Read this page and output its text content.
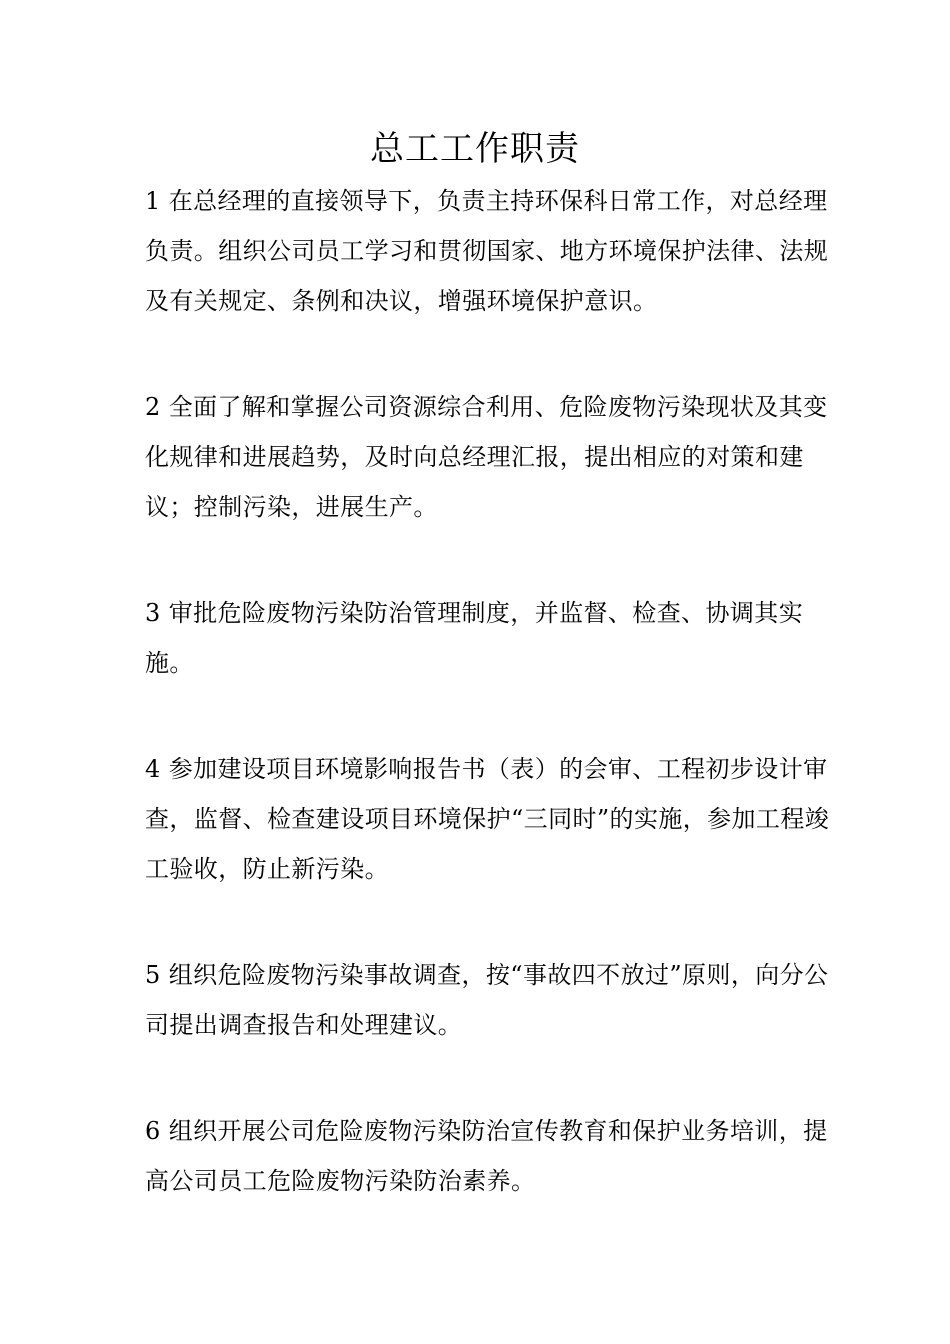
总工工作职责

1 在总经理的直接领导下，负责主持环保科日常工作，对总经理负责。组织公司员工学习和贯彻国家、地方环境保护法律、法规及有关规定、条例和决议，增强环境保护意识。

2 全面了解和掌握公司资源综合利用、危险废物污染现状及其变化规律和进展趋势，及时向总经理汇报，提出相应的对策和建议；控制污染，进展生产。

3 审批危险废物污染防治管理制度，并监督、检查、协调其实施。

4 参加建设项目环境影响报告书（表）的会审、工程初步设计审查，监督、检查建设项目环境保护“三同时”的实施，参加工程竣工验收，防止新污染。

5 组织危险废物污染事故调查，按“事故四不放过”原则，向分公司提出调查报告和处理建议。

6 组织开展公司危险废物污染防治宣传教育和保护业务培训，提高公司员工危险废物污染防治素养。
